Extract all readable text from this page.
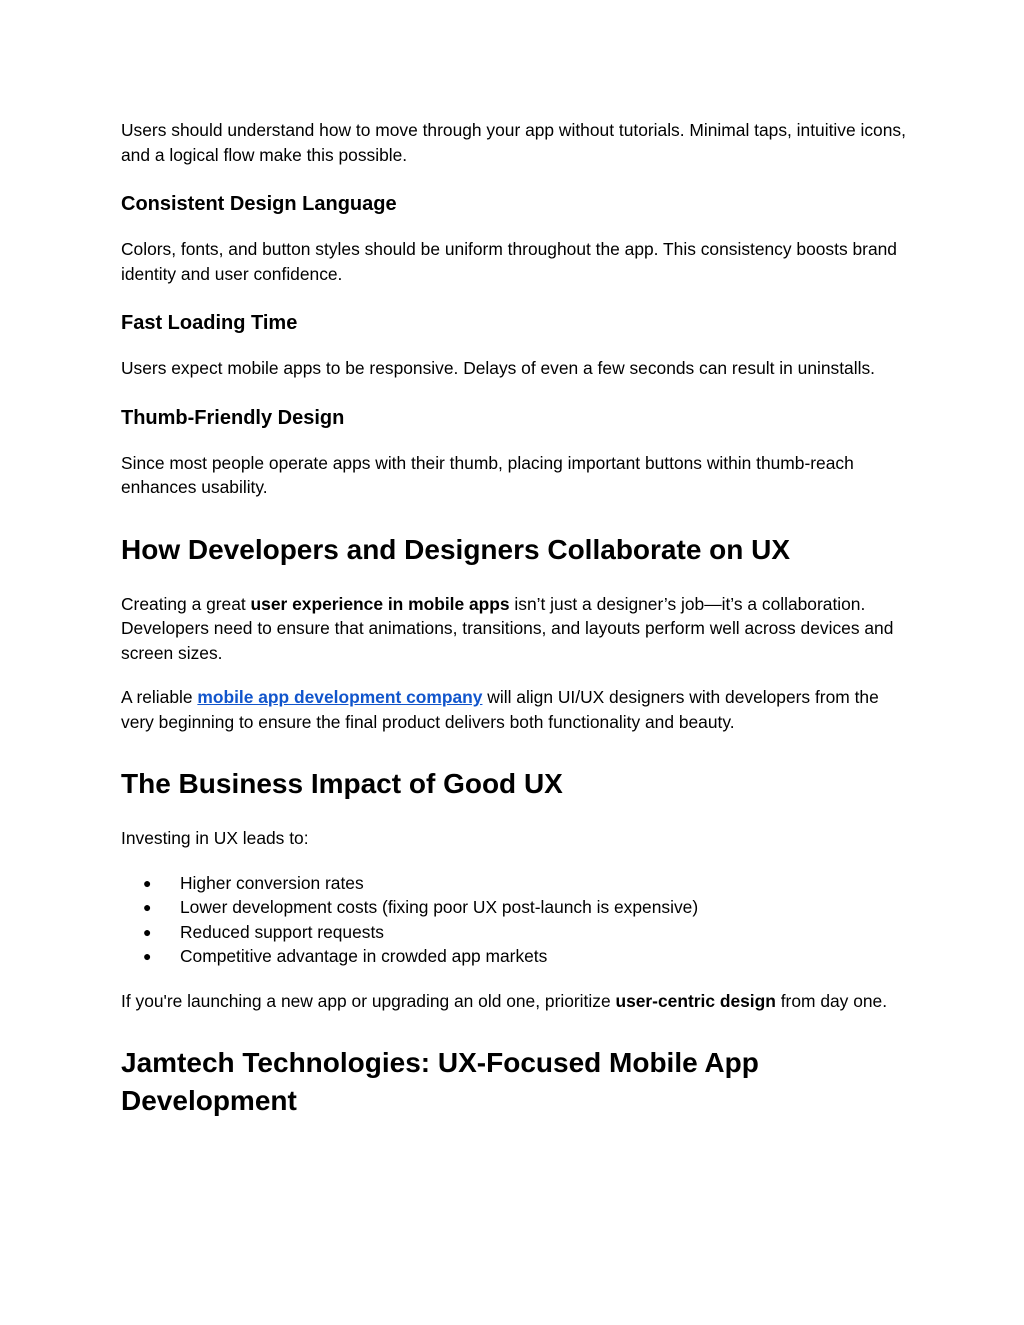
Users should understand how to move through your app without tutorials. Minimal taps, intuitive icons, and a logical flow make this possible.

Consistent Design Language

Colors, fonts, and button styles should be uniform throughout the app. This consistency boosts brand identity and user confidence.

Fast Loading Time

Users expect mobile apps to be responsive. Delays of even a few seconds can result in uninstalls.

Thumb-Friendly Design

Since most people operate apps with their thumb, placing important buttons within thumb-reach enhances usability.

How Developers and Designers Collaborate on UX

Creating a great user experience in mobile apps isn’t just a designer’s job—it’s a collaboration. Developers need to ensure that animations, transitions, and layouts perform well across devices and screen sizes.

A reliable mobile app development company will align UI/UX designers with developers from the very beginning to ensure the final product delivers both functionality and beauty.

The Business Impact of Good UX

Investing in UX leads to:

● Higher conversion rates
● Lower development costs (fixing poor UX post-launch is expensive)
● Reduced support requests
● Competitive advantage in crowded app markets

If you're launching a new app or upgrading an old one, prioritize user-centric design from day one.

Jamtech Technologies: UX-Focused Mobile App Development
